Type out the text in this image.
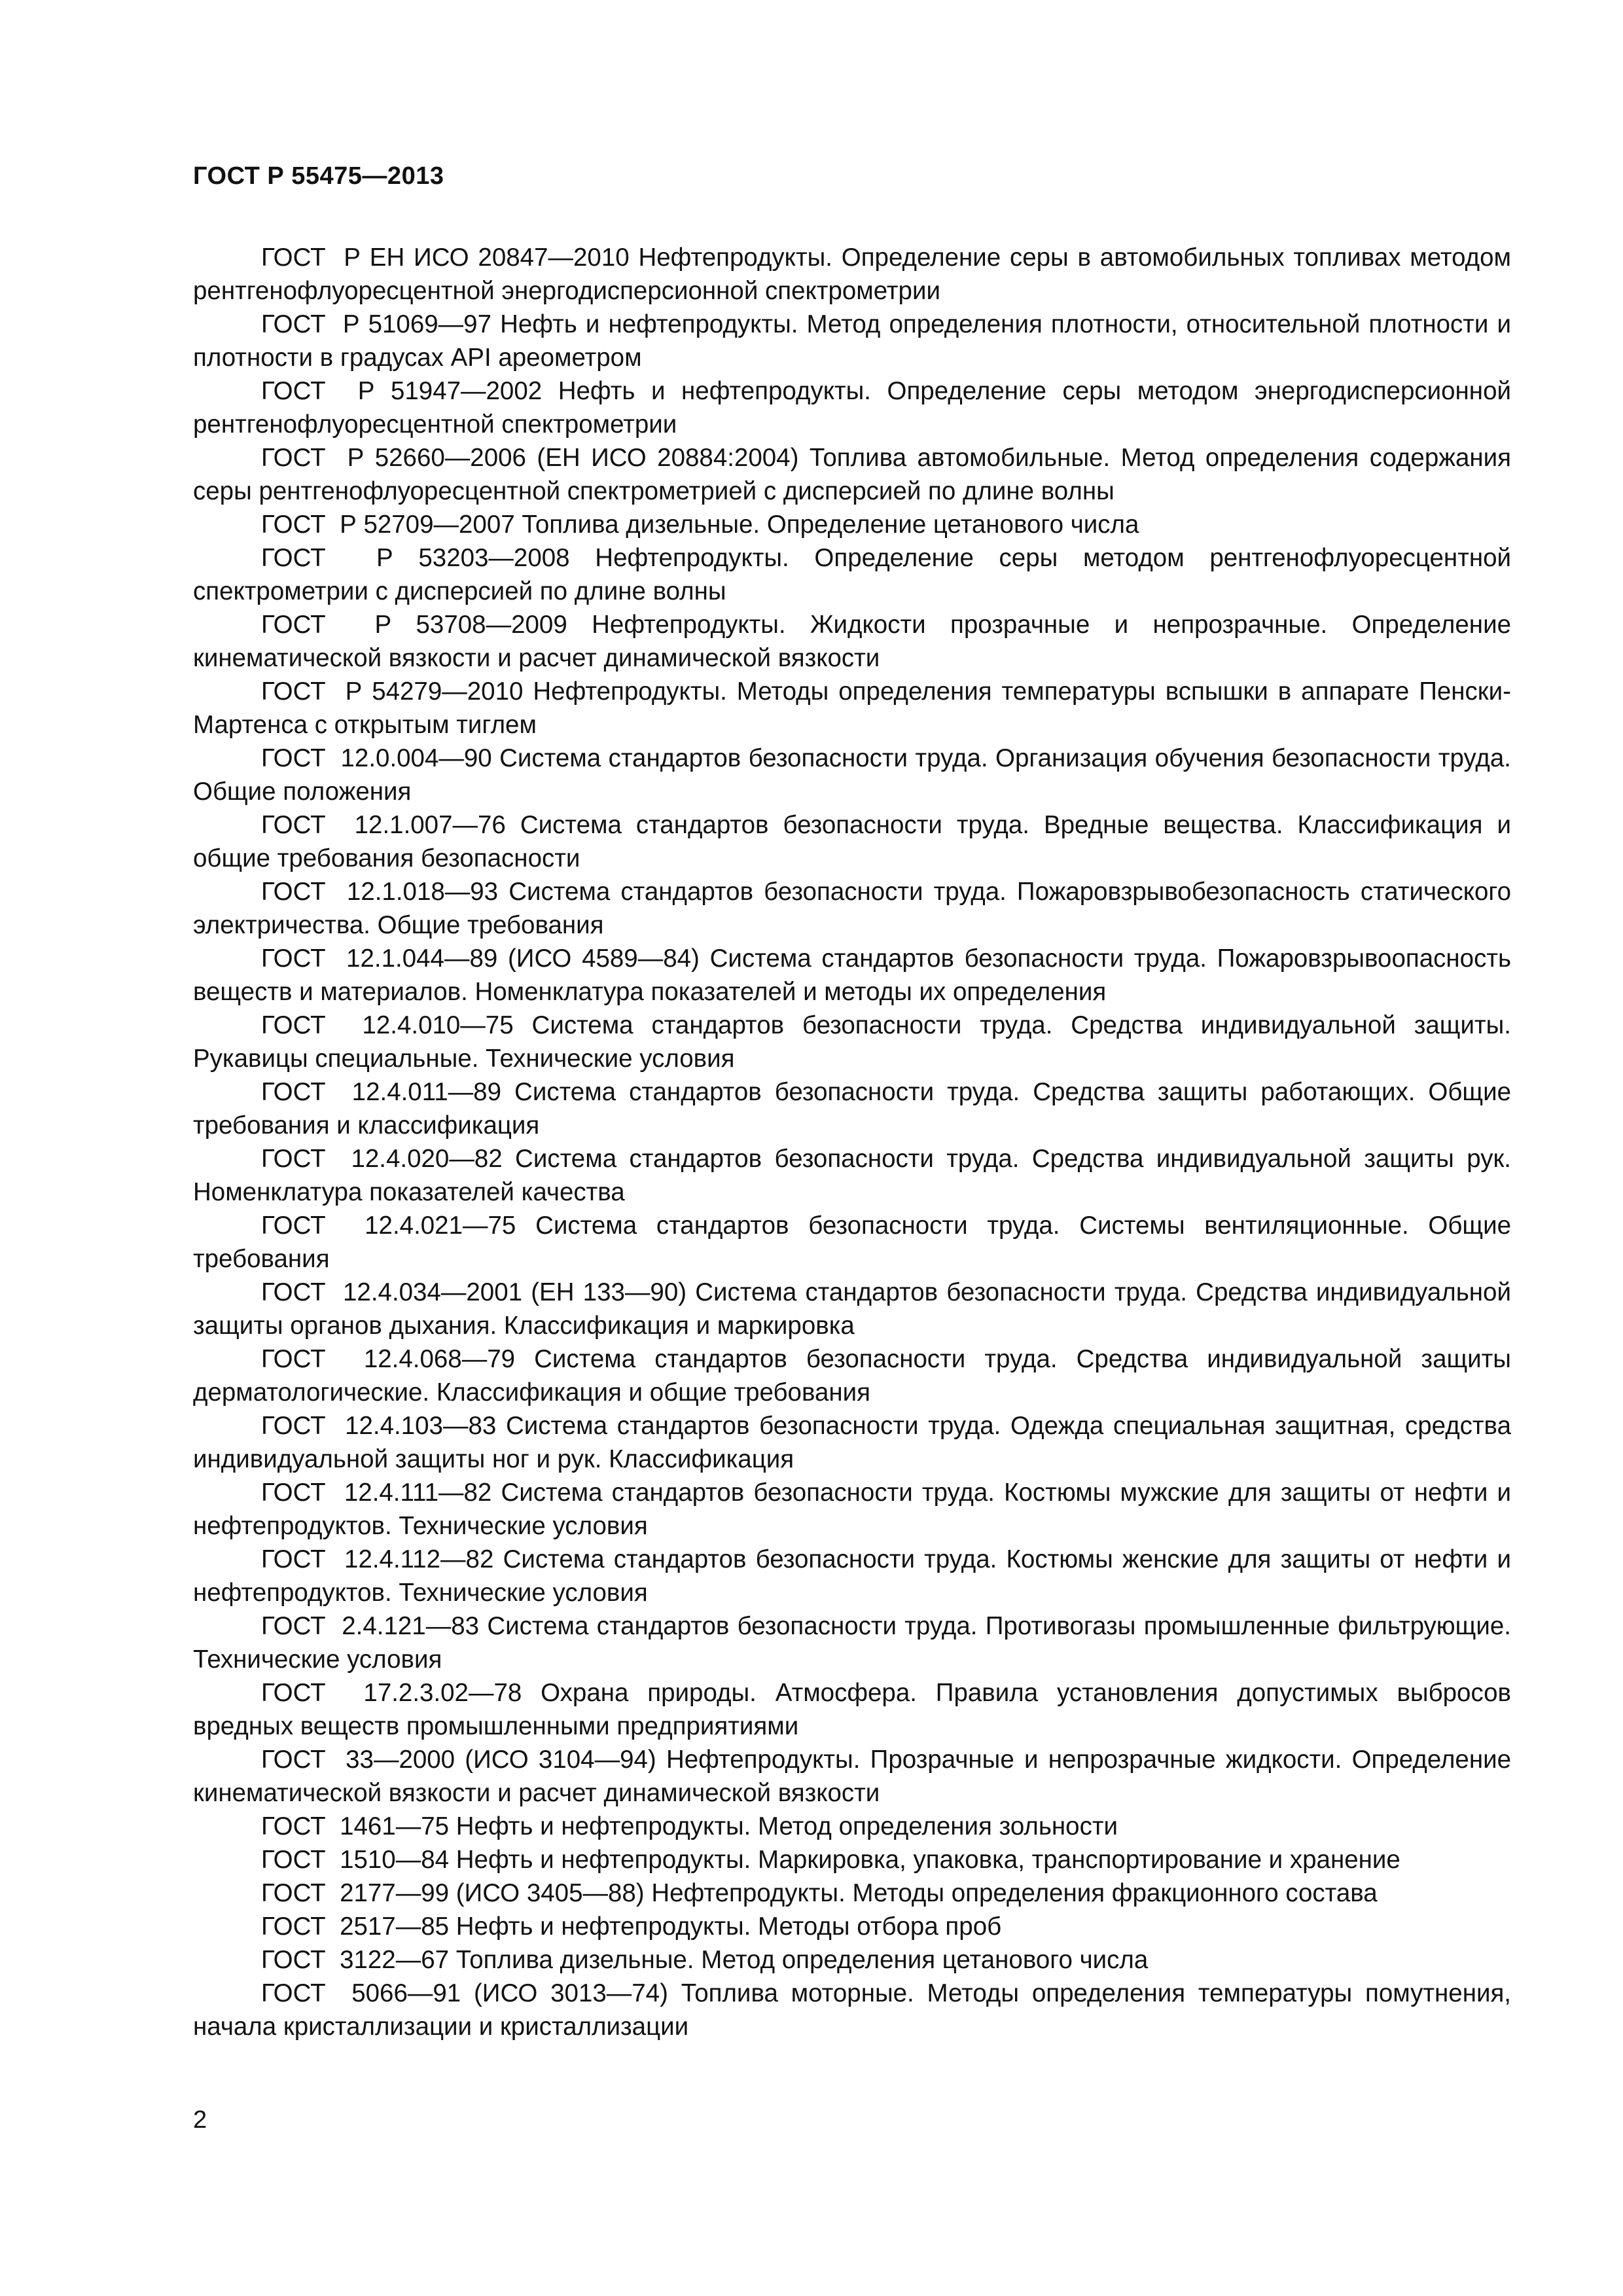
ГОСТ Р 55475—2013

ГОСТ  Р ЕН ИСО 20847—2010 Нефтепродукты. Определение серы в автомобильных топливах методом рентгенофлуоресцентной энергодисперсионной спектрометрии

ГОСТ  Р 51069—97 Нефть и нефтепродукты. Метод определения плотности, относительной плотности и плотности в градусах API ареометром

ГОСТ  Р 51947—2002 Нефть и нефтепродукты. Определение серы методом энергодисперсионной рентгенофлуоресцентной спектрометрии

ГОСТ  Р 52660—2006 (ЕН ИСО 20884:2004) Топлива автомобильные. Метод определения содержания серы рентгенофлуоресцентной спектрометрией с дисперсией по длине волны

ГОСТ  Р 52709—2007 Топлива дизельные. Определение цетанового числа

ГОСТ  Р 53203—2008 Нефтепродукты. Определение серы методом рентгенофлуоресцентной спектрометрии с дисперсией по длине волны

ГОСТ  Р 53708—2009 Нефтепродукты. Жидкости прозрачные и непрозрачные. Определение кинематической вязкости и расчет динамической вязкости

ГОСТ  Р 54279—2010 Нефтепродукты. Методы определения температуры вспышки в аппарате Пенски-Мартенса с открытым тиглем

ГОСТ  12.0.004—90 Система стандартов безопасности труда. Организация обучения безопасности труда. Общие положения

ГОСТ  12.1.007—76 Система стандартов безопасности труда. Вредные вещества. Классификация и общие требования безопасности

ГОСТ  12.1.018—93 Система стандартов безопасности труда. Пожаровзрывобезопасность статического электричества. Общие требования

ГОСТ  12.1.044—89 (ИСО 4589—84) Система стандартов безопасности труда. Пожаровзрывоопасность веществ и материалов. Номенклатура показателей и методы их определения

ГОСТ  12.4.010—75 Система стандартов безопасности труда. Средства индивидуальной защиты. Рукавицы специальные. Технические условия

ГОСТ  12.4.011—89 Система стандартов безопасности труда. Средства защиты работающих. Общие требования и классификация

ГОСТ  12.4.020—82 Система стандартов безопасности труда. Средства индивидуальной защиты рук. Номенклатура показателей качества

ГОСТ  12.4.021—75 Система стандартов безопасности труда. Системы вентиляционные. Общие требования

ГОСТ  12.4.034—2001 (ЕН 133—90) Система стандартов безопасности труда. Средства индивидуальной защиты органов дыхания. Классификация и маркировка

ГОСТ  12.4.068—79 Система стандартов безопасности труда. Средства индивидуальной защиты дерматологические. Классификация и общие требования

ГОСТ  12.4.103—83 Система стандартов безопасности труда. Одежда специальная защитная, средства индивидуальной защиты ног и рук. Классификация

ГОСТ  12.4.111—82 Система стандартов безопасности труда. Костюмы мужские для защиты от нефти и нефтепродуктов. Технические условия

ГОСТ  12.4.112—82 Система стандартов безопасности труда. Костюмы женские для защиты от нефти и нефтепродуктов. Технические условия

ГОСТ  2.4.121—83 Система стандартов безопасности труда. Противогазы промышленные фильтрующие. Технические условия

ГОСТ  17.2.3.02—78 Охрана природы. Атмосфера. Правила установления допустимых выбросов вредных веществ промышленными предприятиями

ГОСТ  33—2000 (ИСО 3104—94) Нефтепродукты. Прозрачные и непрозрачные жидкости. Определение кинематической вязкости и расчет динамической вязкости

ГОСТ  1461—75 Нефть и нефтепродукты. Метод определения зольности

ГОСТ  1510—84 Нефть и нефтепродукты. Маркировка, упаковка, транспортирование и хранение

ГОСТ  2177—99 (ИСО 3405—88) Нефтепродукты. Методы определения фракционного состава

ГОСТ  2517—85 Нефть и нефтепродукты. Методы отбора проб

ГОСТ  3122—67 Топлива дизельные. Метод определения цетанового числа

ГОСТ  5066—91 (ИСО 3013—74) Топлива моторные. Методы определения температуры помутнения, начала кристаллизации и кристаллизации

2
